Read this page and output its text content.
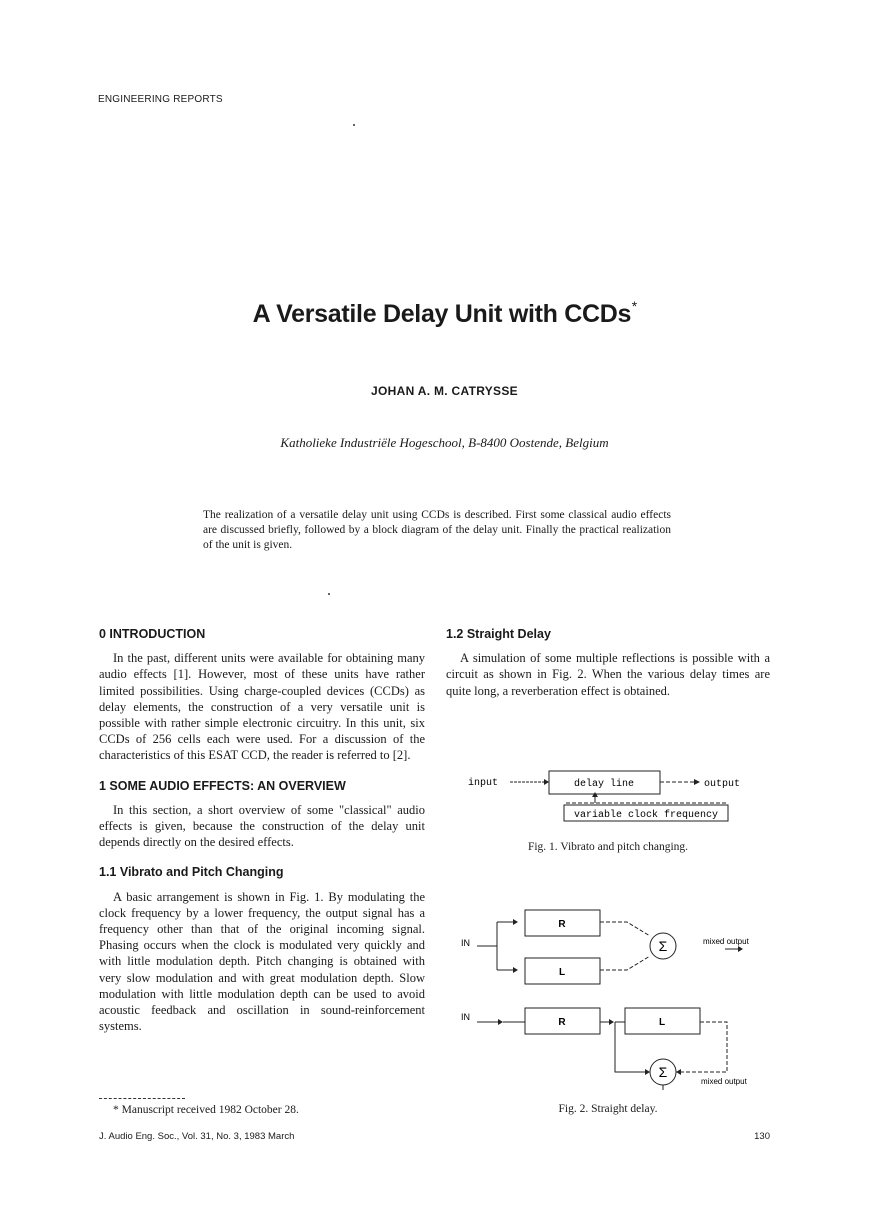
ENGINEERING REPORTS
A Versatile Delay Unit with CCDs*
JOHAN A. M. CATRYSSE
Katholieke Industriële Hogeschool, B-8400 Oostende, Belgium

The realization of a versatile delay unit using CCDs is described. First some classical audio effects are discussed briefly, followed by a block diagram of the delay unit. Finally the practical realization of the unit is given.

0 INTRODUCTION

In the past, different units were available for obtaining many audio effects [1]. However, most of these units have rather limited possibilities. Using charge-coupled devices (CCDs) as delay elements, the construction of a very versatile unit is possible with rather simple electronic circuitry. In this unit, six CCDs of 256 cells each were used. For a discussion of the characteristics of this ESAT CCD, the reader is referred to [2].

1 SOME AUDIO EFFECTS: AN OVERVIEW

In this section, a short overview of some "classical" audio effects is given, because the construction of the delay unit depends directly on the desired effects.

1.1 Vibrato and Pitch Changing

A basic arrangement is shown in Fig. 1. By modulating the clock frequency by a lower frequency, the output signal has a frequency other than that of the original incoming signal. Phasing occurs when the clock is modulated very quickly and with little modulation depth. Pitch changing is obtained with very slow modulation and with great modulation depth. Slow modulation with little modulation depth can be used to avoid acoustic feedback and oscillation in sound-reinforcement systems.

* Manuscript received 1982 October 28.
1.2 Straight Delay

A simulation of some multiple reflections is possible with a circuit as shown in Fig. 2. When the various delay times are quite long, a reverberation effect is obtained.

input	delay line	output
variable clock frequency
Fig. 1. Vibrato and pitch changing.
IN
R
L
Σ	mixed output
IN	R	L
Σ
mixed output
Fig. 2. Straight delay.
J. Audio Eng. Soc., Vol. 31, No. 3, 1983 March	130
